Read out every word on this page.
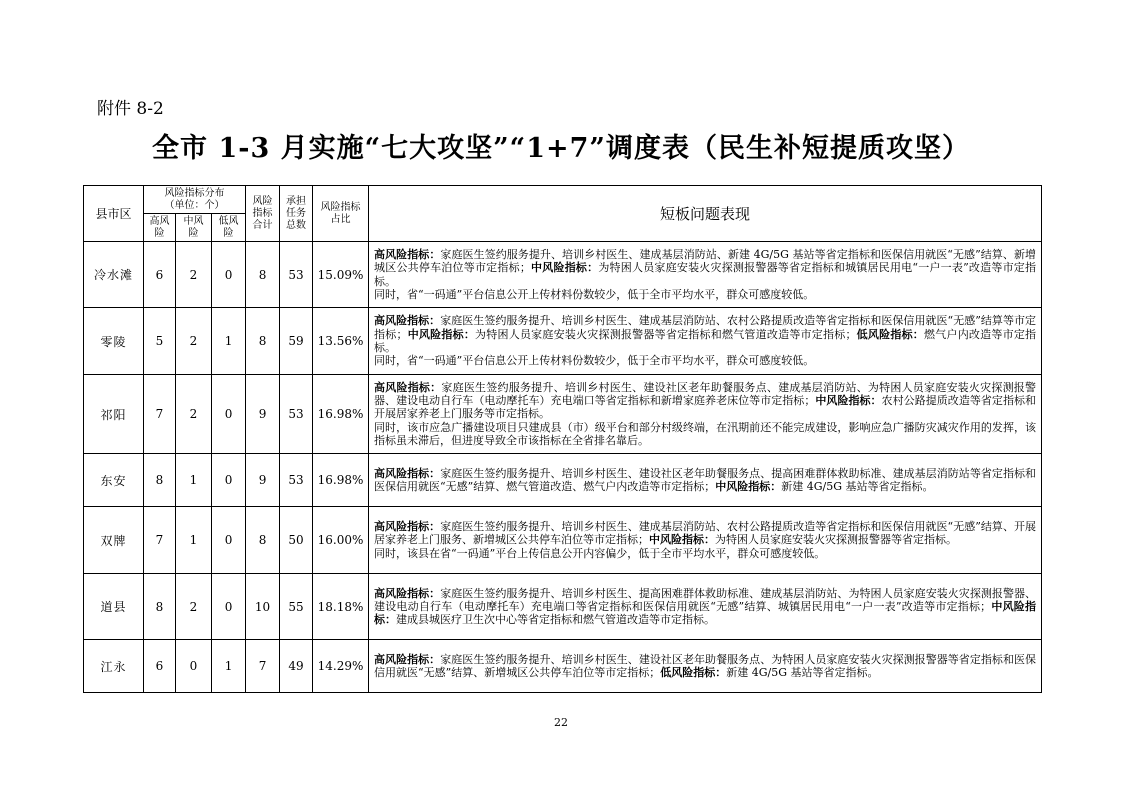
附件 8-2
全市 1-3 月实施“七大攻坚”“1+7”调度表（民生补短提质攻坚）
县市区	风险指标分布
（单位：个）			风险指标合计	承担任务总数	风险指标占比	短板问题表现
	高风险	中风险	低风险				
冷水滩	6	2	0	8	53	15.09%	高风险指标：家庭医生签约服务提升、培训乡村医生、建成基层消防站、新建 4G/5G 基站等省定指标和医保信用就医“无感”结算、新增城区公共停车泊位等市定指标；中风险指标：为特困人员家庭安装火灾探测报警器等省定指标和城镇居民用电“一户一表”改造等市定指标。
同时，省“一码通”平台信息公开上传材料份数较少，低于全市平均水平，群众可感度较低。

零陵	5	2	1	8	59	13.56%	高风险指标：家庭医生签约服务提升、培训乡村医生、建成基层消防站、农村公路提质改造等省定指标和医保信用就医“无感”结算等市定指标；中风险指标：为特困人员家庭安装火灾探测报警器等省定指标和燃气管道改造等市定指标；低风险指标：燃气户内改造等市定指标。
同时，省“一码通”平台信息公开上传材料份数较少，低于全市平均水平，群众可感度较低。

祁阳	7	2	0	9	53	16.98%	高风险指标：家庭医生签约服务提升、培训乡村医生、建设社区老年助餐服务点、建成基层消防站、为特困人员家庭安装火灾探测报警器、建设电动自行车（电动摩托车）充电端口等省定指标和新增家庭养老床位等市定指标；中风险指标：农村公路提质改造等省定指标和开展居家养老上门服务等市定指标。
同时，该市应急广播建设项目只建成县（市）级平台和部分村级终端，在汛期前还不能完成建设，影响应急广播防灾减灾作用的发挥，该指标虽未滞后，但进度导致全市该指标在全省排名靠后。

东安	8	1	0	9	53	16.98%	高风险指标：家庭医生签约服务提升、培训乡村医生、建设社区老年助餐服务点、提高困难群体救助标准、建成基层消防站等省定指标和医保信用就医“无感”结算、燃气管道改造、燃气户内改造等市定指标；中风险指标：新建 4G/5G 基站等省定指标。

双牌	7	1	0	8	50	16.00%	高风险指标：家庭医生签约服务提升、培训乡村医生、建成基层消防站、农村公路提质改造等省定指标和医保信用就医“无感”结算、开展居家养老上门服务、新增城区公共停车泊位等市定指标；中风险指标：为特困人员家庭安装火灾探测报警器等省定指标。
同时，该县在省“一码通”平台上传信息公开内容偏少，低于全市平均水平，群众可感度较低。

道县	8	2	0	10	55	18.18%	高风险指标：家庭医生签约服务提升、培训乡村医生、提高困难群体救助标准、建成基层消防站、为特困人员家庭安装火灾探测报警器、建设电动自行车（电动摩托车）充电端口等省定指标和医保信用就医“无感”结算、城镇居民用电“一户一表”改造等市定指标；中风险指标：建成县城医疗卫生次中心等省定指标和燃气管道改造等市定指标。

江永	6	0	1	7	49	14.29%	高风险指标：家庭医生签约服务提升、培训乡村医生、建设社区老年助餐服务点、为特困人员家庭安装火灾探测报警器等省定指标和医保信用就医“无感”结算、新增城区公共停车泊位等市定指标；低风险指标：新建 4G/5G 基站等省定指标。
22
